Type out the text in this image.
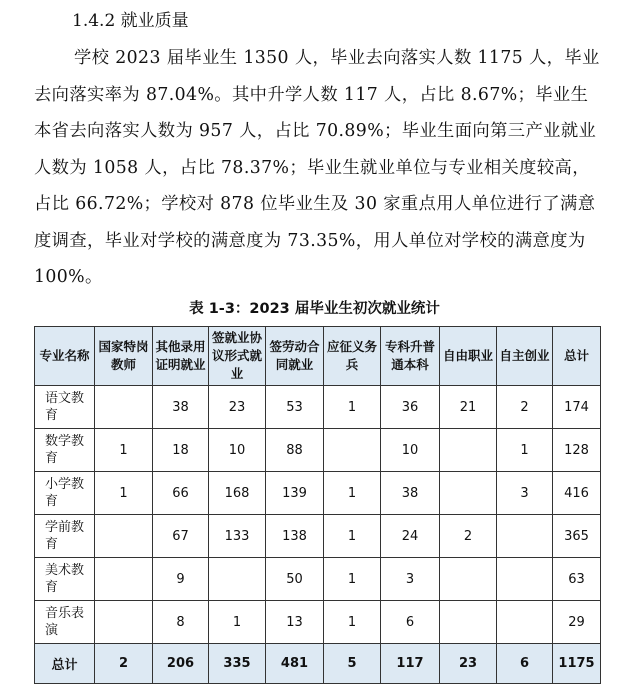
1.4.2 就业质量

学校 2023 届毕业生 1350 人，毕业去向落实人数 1175 人，毕业去向落实率为 87.04%。其中升学人数 117 人，占比 8.67%；毕业生本省去向落实人数为 957 人，占比 70.89%；毕业生面向第三产业就业人数为 1058 人，占比 78.37%；毕业生就业单位与专业相关度较高，占比 66.72%；学校对 878 位毕业生及 30 家重点用人单位进行了满意度调查，毕业对学校的满意度为 73.35%，用人单位对学校的满意度为 100%。

表 1-3：2023 届毕业生初次就业统计
专业名称	国家特岗教师	其他录用证明就业	签就业协议形式就业	签劳动合同就业	应征义务兵	专科升普通本科	自由职业	自主创业	总计
语文教育		38	23	53	1	36	21	2	174
数学教育	1	18	10	88		10		1	128
小学教育	1	66	168	139	1	38		3	416
学前教育		67	133	138	1	24	2		365
美术教育		9		50	1	3			63
音乐表演		8	1	13	1	6			29
总计	2	206	335	481	5	117	23	6	1175
